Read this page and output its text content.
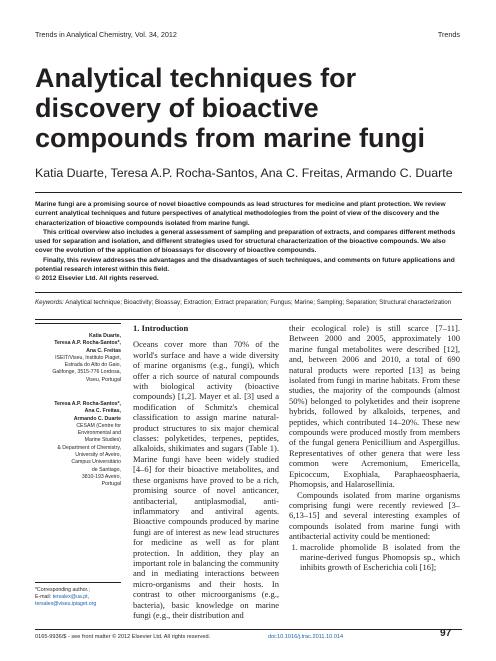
Trends in Analytical Chemistry, Vol. 34, 2012	Trends
Analytical techniques for discovery of bioactive compounds from marine fungi
Katia Duarte, Teresa A.P. Rocha-Santos, Ana C. Freitas, Armando C. Duarte

Marine fungi are a promising source of novel bioactive compounds as lead structures for medicine and plant protection. We review current analytical techniques and future perspectives of analytical methodologies from the point of view of the discovery and the characterization of bioactive compounds isolated from marine fungi.

This critical overview also includes a general assessment of sampling and preparation of extracts, and compares different methods used for separation and isolation, and different strategies used for structural characterization of the bioactive compounds. We also cover the evolution of the application of bioassays for discovery of bioactive compounds.

Finally, this review addresses the advantages and the disadvantages of such techniques, and comments on future applications and potential research interest within this field.

© 2012 Elsevier Ltd. All rights reserved.

Keywords: Analytical technique; Bioactivity; Bioassay; Extraction; Extract preparation; Fungus; Marine; Sampling; Separation; Structural characterization
Katia Duarte,
Teresa A.P. Rocha-Santos*,
Ana C. Freitas
ISEIT/Viseu, Instituto Piaget,
Estrada do Alto do Gaio,
Galifonge, 3515-776 Lordosa,
Viseu, Portugal
Teresa A.P. Rocha-Santos*,
Ana C. Freitas,
Armando C. Duarte
CESAM (Centre for
Environmental and
Marine Studies)
& Department of Chemistry,
University of Aveiro,
Campus Universitário
de Santiago,
3810-193 Aveiro,
Portugal
*Corresponding author.;
E-mail: tersalex@ua.pt, tersalex@viseu.ipiaget.org

1. Introduction

Oceans cover more than 70% of the world's surface and have a wide diversity of marine organisms (e.g., fungi), which offer a rich source of natural compounds with biological activity (bioactive compounds) [1,2]. Mayer et al. [3] used a modification of Schmitz's chemical classification to assign marine natural-product structures to six major chemical classes: polyketides, terpenes, peptides, alkaloids, shikimates and sugars (Table 1). Marine fungi have been widely studied [4–6] for their bioactive metabolites, and these organisms have proved to be a rich, promising source of novel anticancer, antibacterial, antiplasmodial, anti-inflammatory and antiviral agents. Bioactive compounds produced by marine fungi are of interest as new lead structures for medicine as well as for plant protection. In addition, they play an important role in balancing the community and in mediating interactions between micro-organisms and their hosts. In contrast to other microorganisms (e.g., bacteria), basic knowledge on marine fungi (e.g., their distribution and

their ecological role) is still scarce [7–11]. Between 2000 and 2005, approximately 100 marine fungal metabolites were described [12], and, between 2006 and 2010, a total of 690 natural products were reported [13] as being isolated from fungi in marine habitats. From these studies, the majority of the compounds (almost 50%) belonged to polyketides and their isoprene hybrids, followed by alkaloids, terpenes, and peptides, which contributed 14–20%. These new compounds were produced mostly from members of the fungal genera Penicillium and Aspergillus. Representatives of other genera that were less common were Acremonium, Emericella, Epicoccum, Exophiala, Paraphaeosphaeria, Phomopsis, and Halarosellinia.

Compounds isolated from marine organisms comprising fungi were recently reviewed [3–6,13–15] and several interesting examples of compounds isolated from marine fungi with antibacterial activity could be mentioned:

1. macrolide phomolide B isolated from the marine-derived fungus Phomopsis sp., which inhibits growth of Escherichia coli [16];
0165-9936/$ - see front matter © 2012 Elsevier Ltd. All rights reserved.	doi:10.1016/j.trac.2011.10.014	97
